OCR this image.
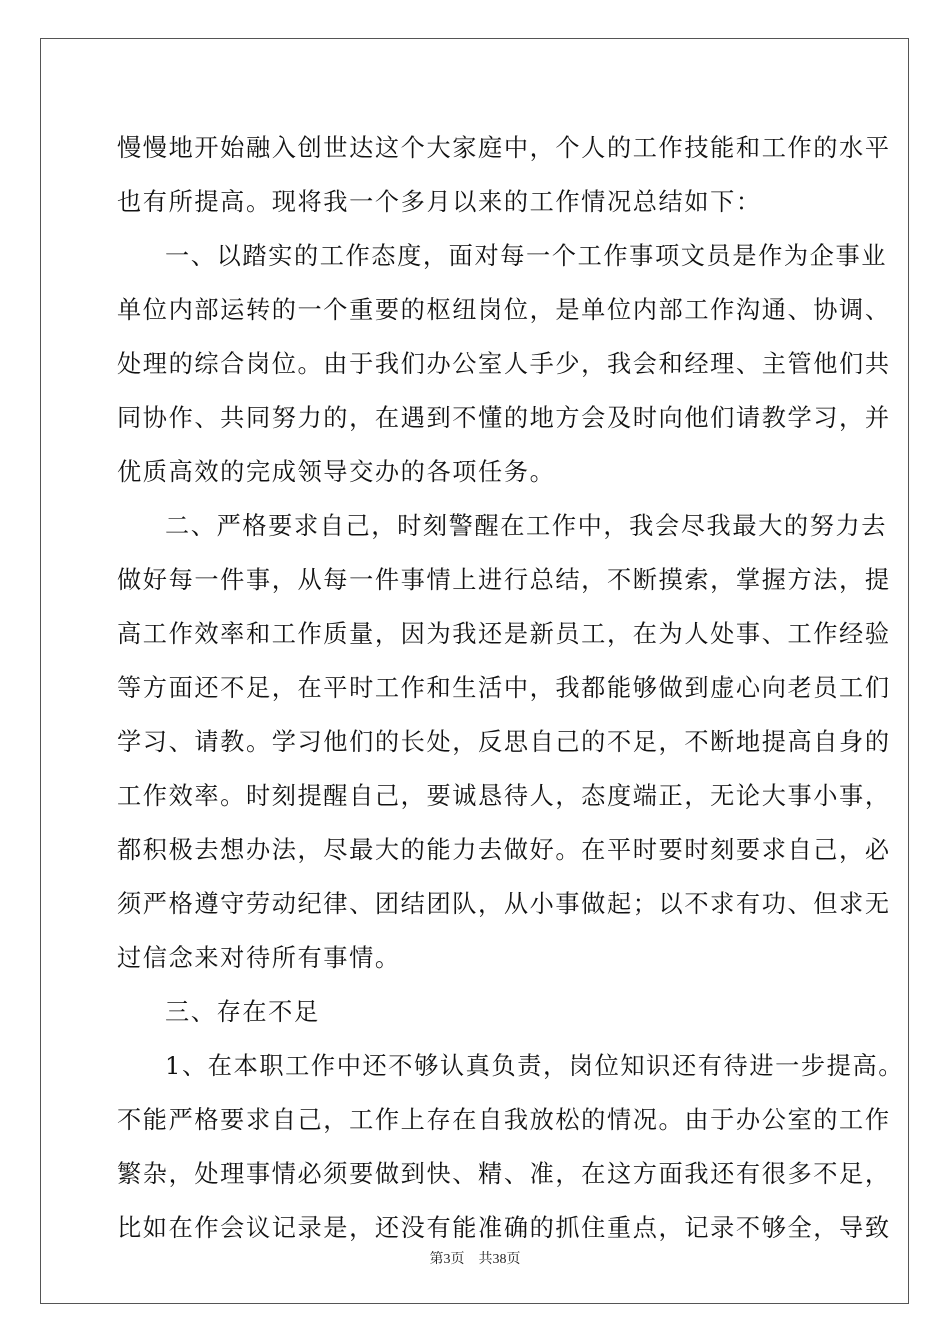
慢慢地开始融入创世达这个大家庭中，个人的工作技能和工作的水平

也有所提高。现将我一个多月以来的工作情况总结如下：

一、以踏实的工作态度，面对每一个工作事项文员是作为企事业

单位内部运转的一个重要的枢纽岗位，是单位内部工作沟通、协调、

处理的综合岗位。由于我们办公室人手少，我会和经理、主管他们共

同协作、共同努力的，在遇到不懂的地方会及时向他们请教学习，并

优质高效的完成领导交办的各项任务。

二、严格要求自己，时刻警醒在工作中，我会尽我最大的努力去

做好每一件事，从每一件事情上进行总结，不断摸索，掌握方法，提

高工作效率和工作质量，因为我还是新员工，在为人处事、工作经验

等方面还不足，在平时工作和生活中，我都能够做到虚心向老员工们

学习、请教。学习他们的长处，反思自己的不足，不断地提高自身的

工作效率。时刻提醒自己，要诚恳待人，态度端正，无论大事小事，

都积极去想办法，尽最大的能力去做好。在平时要时刻要求自己，必

须严格遵守劳动纪律、团结团队，从小事做起；以不求有功、但求无

过信念来对待所有事情。

三、存在不足

1、在本职工作中还不够认真负责，岗位知识还有待进一步提高。

不能严格要求自己，工作上存在自我放松的情况。由于办公室的工作

繁杂，处理事情必须要做到快、精、准，在这方面我还有很多不足，

比如在作会议记录是，还没有能准确的抓住重点，记录不够全，导致

第3页 共38页
